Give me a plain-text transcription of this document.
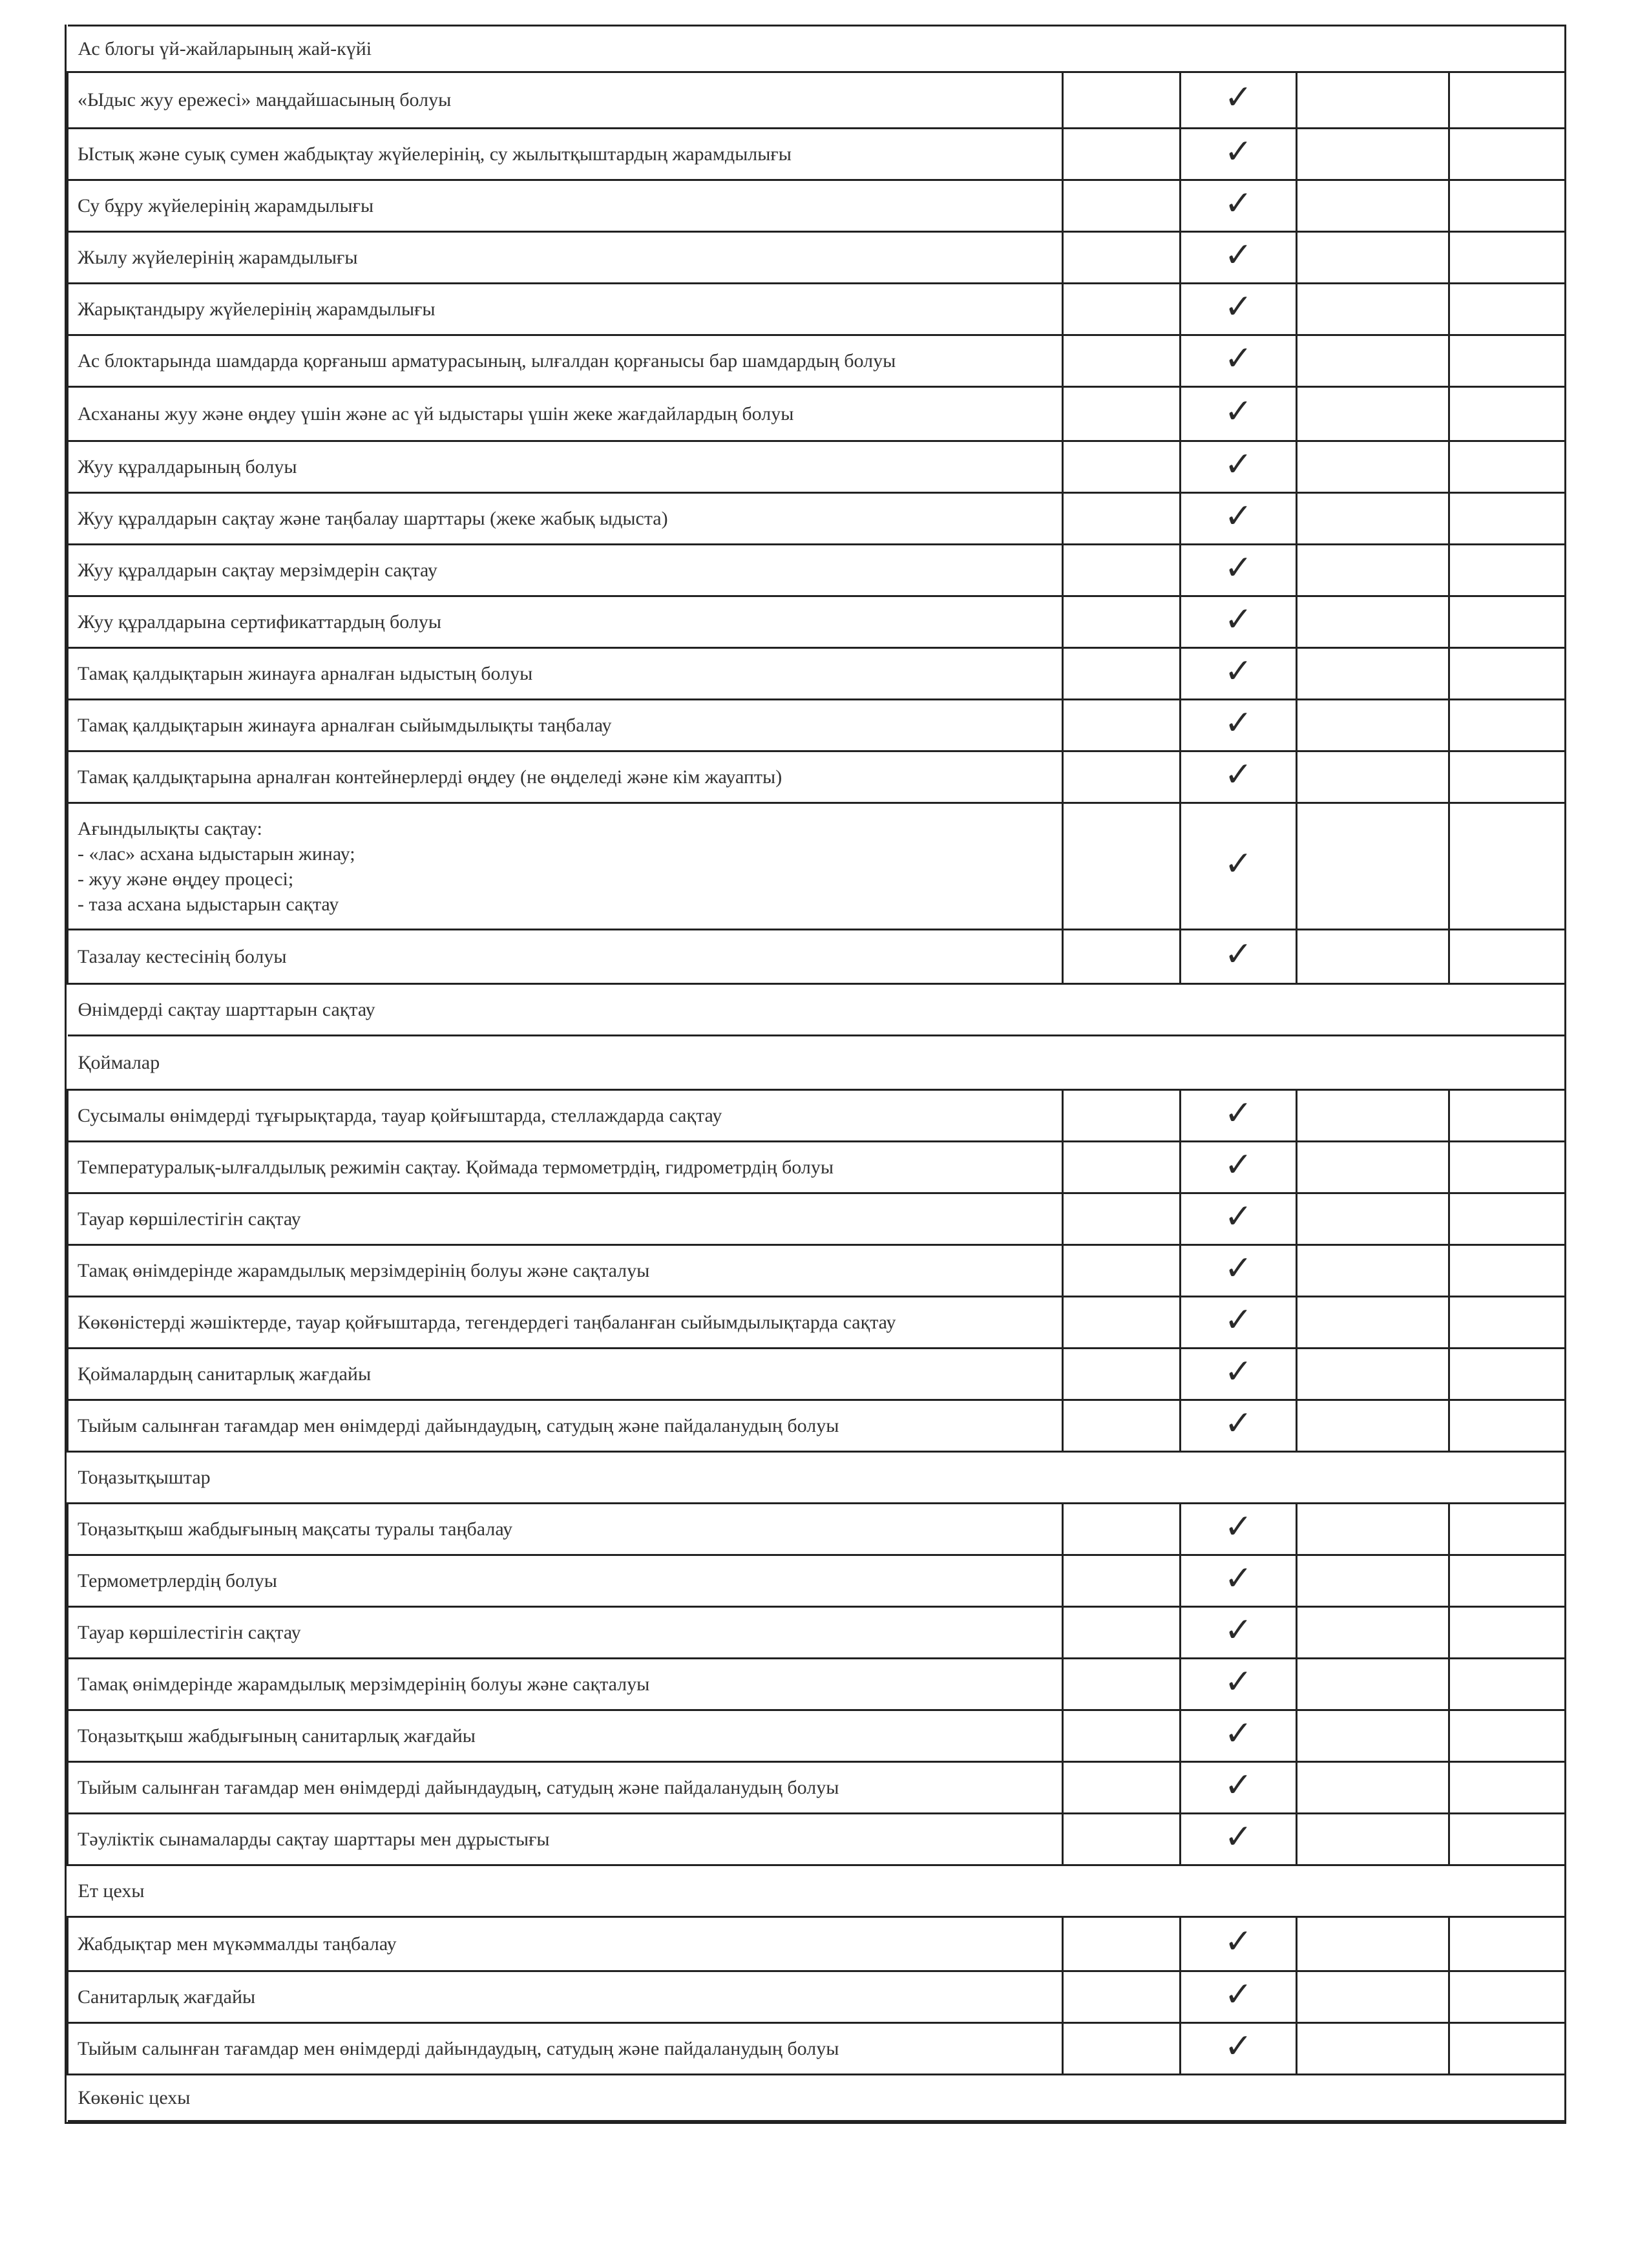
Ас блогы үй-жайларының жай-күйі				
«Ыдыс жуу ережесі» маңдайшасының болуы		✓		
Ыстық және суық сумен жабдықтау жүйелерінің, су жылытқыштардың жарамдылығы		✓		
Су бұру жүйелерінің жарамдылығы		✓		
Жылу жүйелерінің жарамдылығы		✓		
Жарықтандыру жүйелерінің жарамдылығы		✓		
Ас блоктарында шамдарда қорғаныш арматурасының, ылғалдан қорғанысы бар шамдардың болуы		✓		
Асхананы жуу және өңдеу үшін және ас үй ыдыстары үшін жеке жағдайлардың болуы		✓		
Жуу құралдарының болуы		✓		
Жуу құралдарын сақтау және таңбалау шарттары (жеке жабық ыдыста)		✓		
Жуу құралдарын сақтау мерзімдерін сақтау		✓		
Жуу құралдарына сертификаттардың болуы		✓		
Тамақ қалдықтарын жинауға арналған ыдыстың болуы		✓		
Тамақ қалдықтарын жинауға арналған сыйымдылықты таңбалау		✓		
Тамақ қалдықтарына арналған контейнерлерді өңдеу (не өңделеді және кім жауапты)		✓		

Ағындылықты сақтау:
- «лас» асхана ыдыстарын жинау;
- жуу және өңдеу процесі;
- таза асхана ыдыстарын сақтау		✓		
Тазалау кестесінің болуы		✓		
Өнімдерді сақтау шарттарын сақтау				
Қоймалар				
Сусымалы өнімдерді тұғырықтарда, тауар қойғыштарда, стеллаждарда сақтау		✓		
Температуралық-ылғалдылық режимін сақтау. Қоймада термометрдің, гидрометрдің болуы		✓		
Тауар көршілестігін сақтау		✓		
Тамақ өнімдерінде жарамдылық мерзімдерінің болуы және сақталуы		✓		
Көкөністерді жәшіктерде, тауар қойғыштарда, тегендердегі таңбаланған сыйымдылықтарда сақтау		✓		
Қоймалардың санитарлық жағдайы		✓		
Тыйым салынған тағамдар мен өнімдерді дайындаудың, сатудың және пайдаланудың болуы		✓		
Тоңазытқыштар				
Тоңазытқыш жабдығының мақсаты туралы таңбалау		✓		
Термометрлердің болуы		✓		
Тауар көршілестігін сақтау		✓		
Тамақ өнімдерінде жарамдылық мерзімдерінің болуы және сақталуы		✓		
Тоңазытқыш жабдығының санитарлық жағдайы		✓		
Тыйым салынған тағамдар мен өнімдерді дайындаудың, сатудың және пайдаланудың болуы		✓		
Тәуліктік сынамаларды сақтау шарттары мен дұрыстығы		✓		
Ет цехы				
Жабдықтар мен мүкәммалды таңбалау		✓		
Санитарлық жағдайы		✓		
Тыйым салынған тағамдар мен өнімдерді дайындаудың, сатудың және пайдаланудың болуы		✓		
Көкөніс цехы				
